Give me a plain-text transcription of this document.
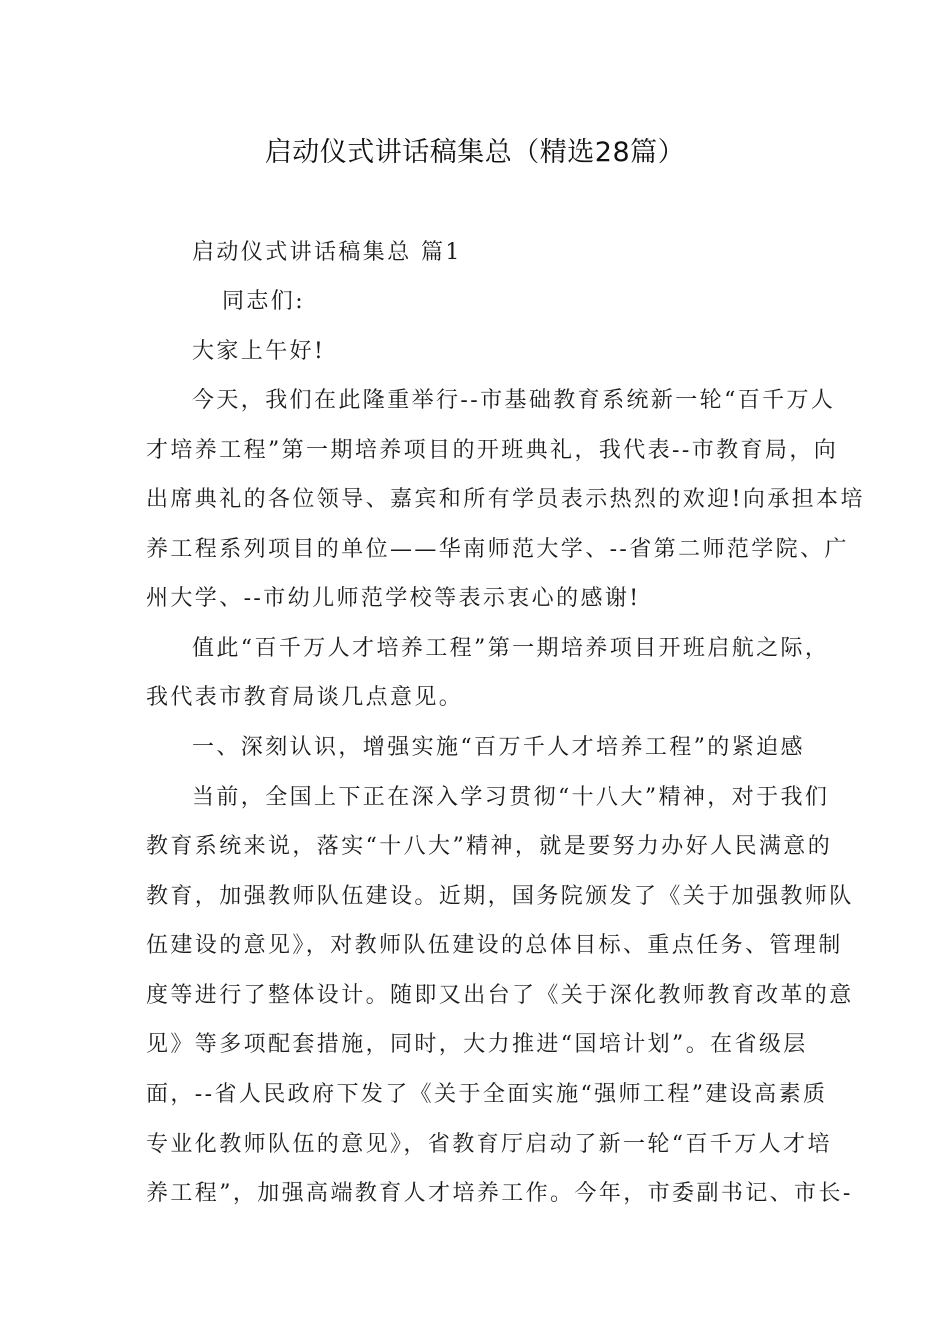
启动仪式讲话稿集总（精选28篇）
启动仪式讲话稿集总 篇1
同志们:
大家上午好!
今天，我们在此隆重举行--市基础教育系统新一轮“百千万人
才培养工程”第一期培养项目的开班典礼，我代表--市教育局，向
出席典礼的各位领导、嘉宾和所有学员表示热烈的欢迎!向承担本培
养工程系列项目的单位——华南师范大学、--省第二师范学院、广
州大学、--市幼儿师范学校等表示衷心的感谢!
值此“百千万人才培养工程”第一期培养项目开班启航之际，
我代表市教育局谈几点意见。
一、深刻认识，增强实施“百万千人才培养工程”的紧迫感
当前，全国上下正在深入学习贯彻“十八大”精神，对于我们
教育系统来说，落实“十八大”精神，就是要努力办好人民满意的
教育，加强教师队伍建设。近期，国务院颁发了《关于加强教师队
伍建设的意见》，对教师队伍建设的总体目标、重点任务、管理制
度等进行了整体设计。随即又出台了《关于深化教师教育改革的意
见》等多项配套措施，同时，大力推进“国培计划”。在省级层
面，--省人民政府下发了《关于全面实施“强师工程”建设高素质
专业化教师队伍的意见》，省教育厅启动了新一轮“百千万人才培
养工程”，加强高端教育人才培养工作。今年，市委副书记、市长-
